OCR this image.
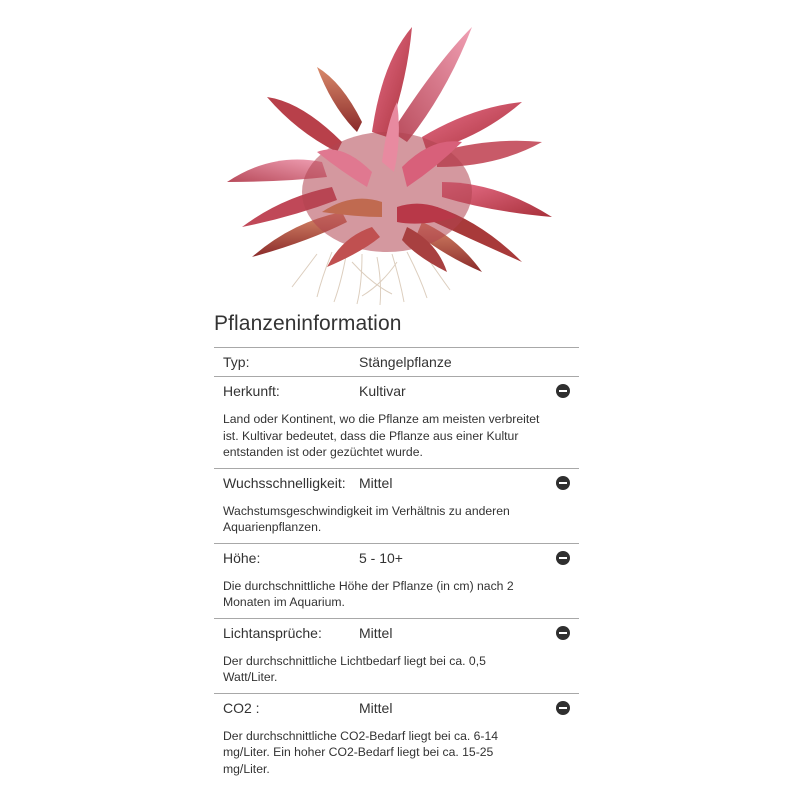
Pflanzeninformation
Typ:	Stängelpflanze
Herkunft:	Kultivar
Land oder Kontinent, wo die Pflanze am meisten verbreitet ist. Kultivar bedeutet, dass die Pflanze aus einer Kultur entstanden ist oder gezüchtet wurde.
Wuchsschnelligkeit: Mittel
Wachstumsgeschwindigkeit im Verhältnis zu anderen Aquarienpflanzen.
Höhe:	5 - 10+
Die durchschnittliche Höhe der Pflanze (in cm) nach 2 Monaten im Aquarium.
Lichtansprüche:	Mittel
Der durchschnittliche Lichtbedarf liegt bei ca. 0,5 Watt/Liter.
CO2 :	Mittel
Der durchschnittliche CO2-Bedarf liegt bei ca. 6-14 mg/Liter. Ein hoher CO2-Bedarf liegt bei ca. 15-25 mg/Liter.
